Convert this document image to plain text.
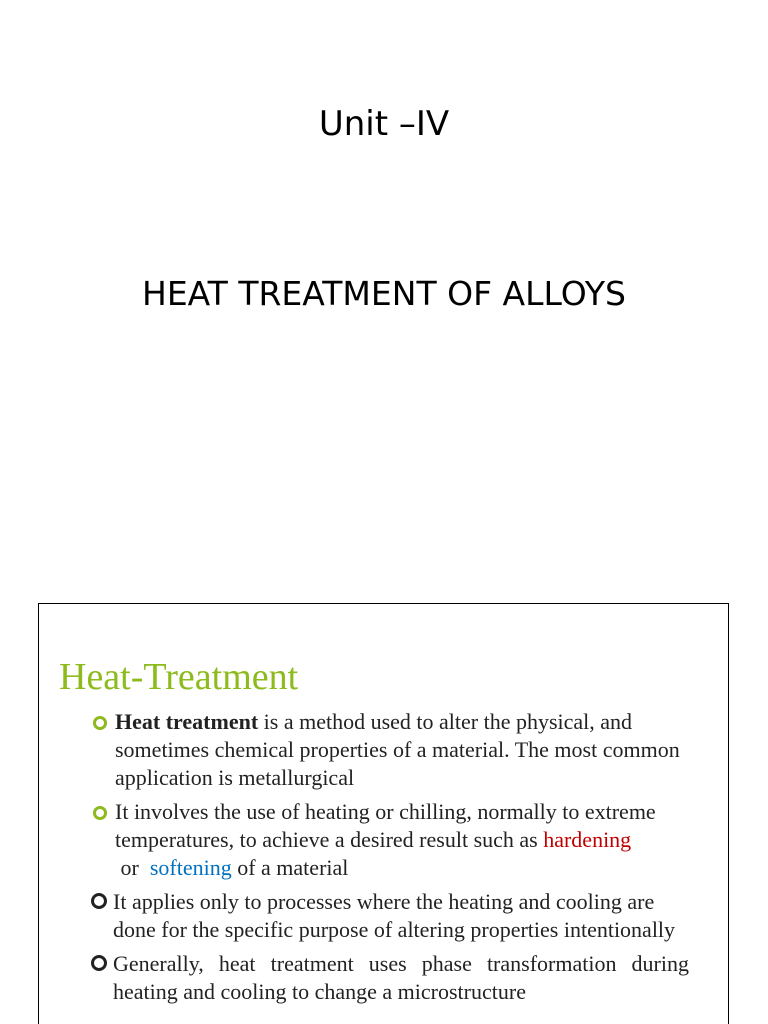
Unit –IV
HEAT TREATMENT OF ALLOYS
Heat-Treatment
Heat treatment is a method used to alter the physical, and sometimes chemical properties of a material. The most common application is metallurgical
It involves the use of heating or chilling, normally to extreme temperatures, to achieve a desired result such as hardening or  softening of a material
It applies only to processes where the heating and cooling are done for the specific purpose of altering properties intentionally
Generally, heat treatment uses phase transformation during heating and cooling to change a microstructure
